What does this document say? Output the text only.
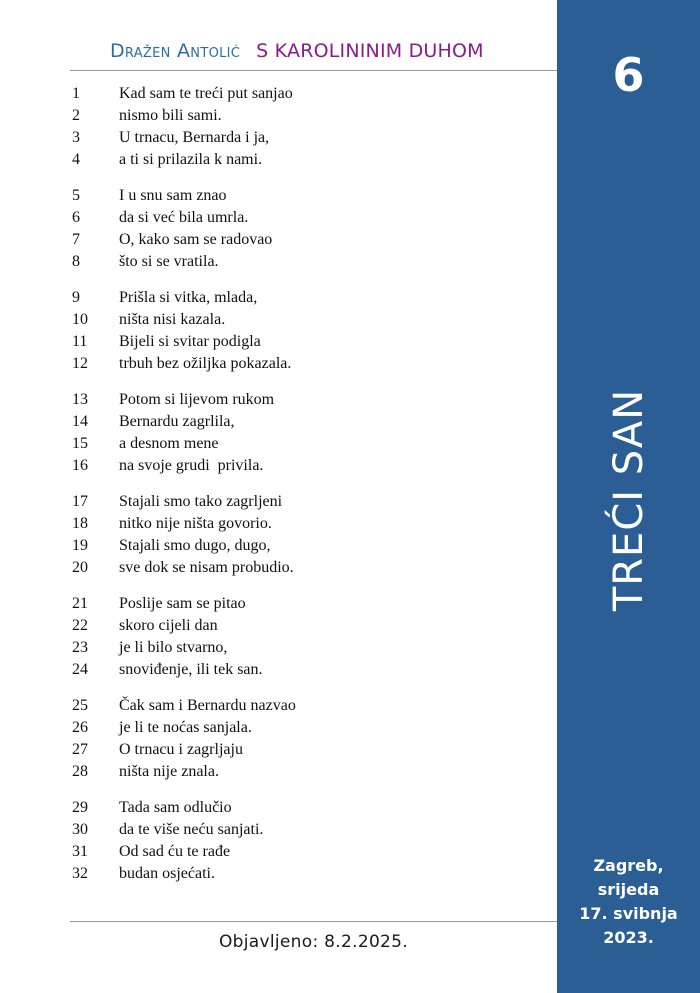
Dražen Antolić S KAROLININIM DUHOM
1	Kad sam te treći put sanjao
2	nismo bili sami.
3	U trnacu, Bernarda i ja,
4	a ti si prilazila k nami.
5	I u snu sam znao
6	da si već bila umrla.
7	O, kako sam se radovao
8	što si se vratila.
9	Prišla si vitka, mlada,
10	ništa nisi kazala.
11	Bijeli si svitar podigla
12	trbuh bez ožiljka pokazala.
13	Potom si lijevom rukom
14	Bernardu zagrlila,
15	a desnom mene
16	na svoje grudi  privila.
17	Stajali smo tako zagrljeni
18	nitko nije ništa govorio.
19	Stajali smo dugo, dugo,
20	sve dok se nisam probudio.
21	Poslije sam se pitao
22	skoro cijeli dan
23	je li bilo stvarno,
24	snoviđenje, ili tek san.
25	Čak sam i Bernardu nazvao
26	je li te noćas sanjala.
27	O trnacu i zagrljaju
28	ništa nije znala.
29	Tada sam odlučio
30	da te više neću sanjati.
31	Od sad ću te rađe
32	budan osjećati.
Objavljeno: 8.2.2025.
6
TREĆI SAN
Zagreb,
srijeda
17. svibnja
2023.
